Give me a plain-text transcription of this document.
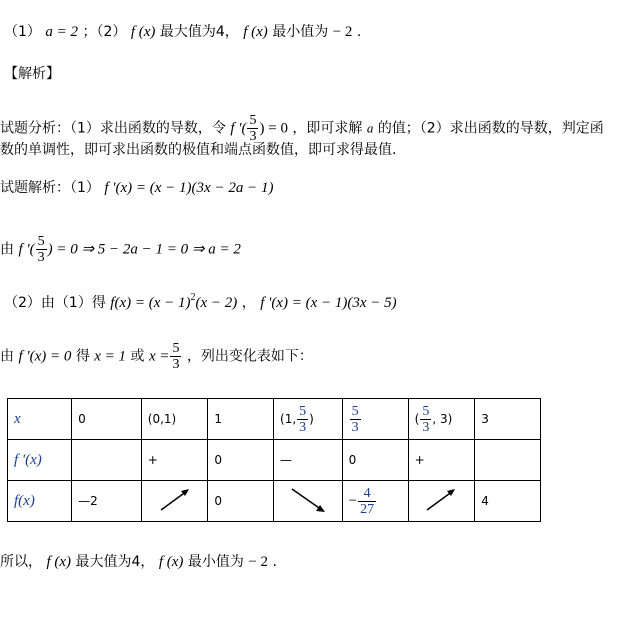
（1） a = 2 ；（2） f (x) 最大值为4， f (x) 最小值为 − 2 .
【解析】
试题分析：（1）求出函数的导数，令 f '( $\frac{5}{3}$ ) = 0 ，即可求解 a 的值；（2）求出函数的导数，判定函
数的单调性，即可求出函数的极值和端点函数值，即可求得最值.
试题解析：（1） f '(x) = (x − 1)(3x − 2a − 1)
由 f '( $\frac{5}{3}$ ) = 0 ⇒ 5 − 2a − 1 = 0 ⇒ a = 2
（2）由（1）得 $f(x) = (x - 1)^2(x - 2)$ ， f '(x) = (x − 1)(3x − 5)
由 f '(x) = 0 得 x = 1 或 $x = \frac{5}{3}$ ，列出变化表如下：
x	0	(0,1)	1	(1, $\frac{5}{3}$ )	$\frac{5}{3}$	( $\frac{5}{3}$ , 3)	3
f '(x)		+	0	—	0	+	
f(x)	—2		0		− $\frac{4}{27}$		4
所以， f (x) 最大值为4， f (x) 最小值为 − 2 .
